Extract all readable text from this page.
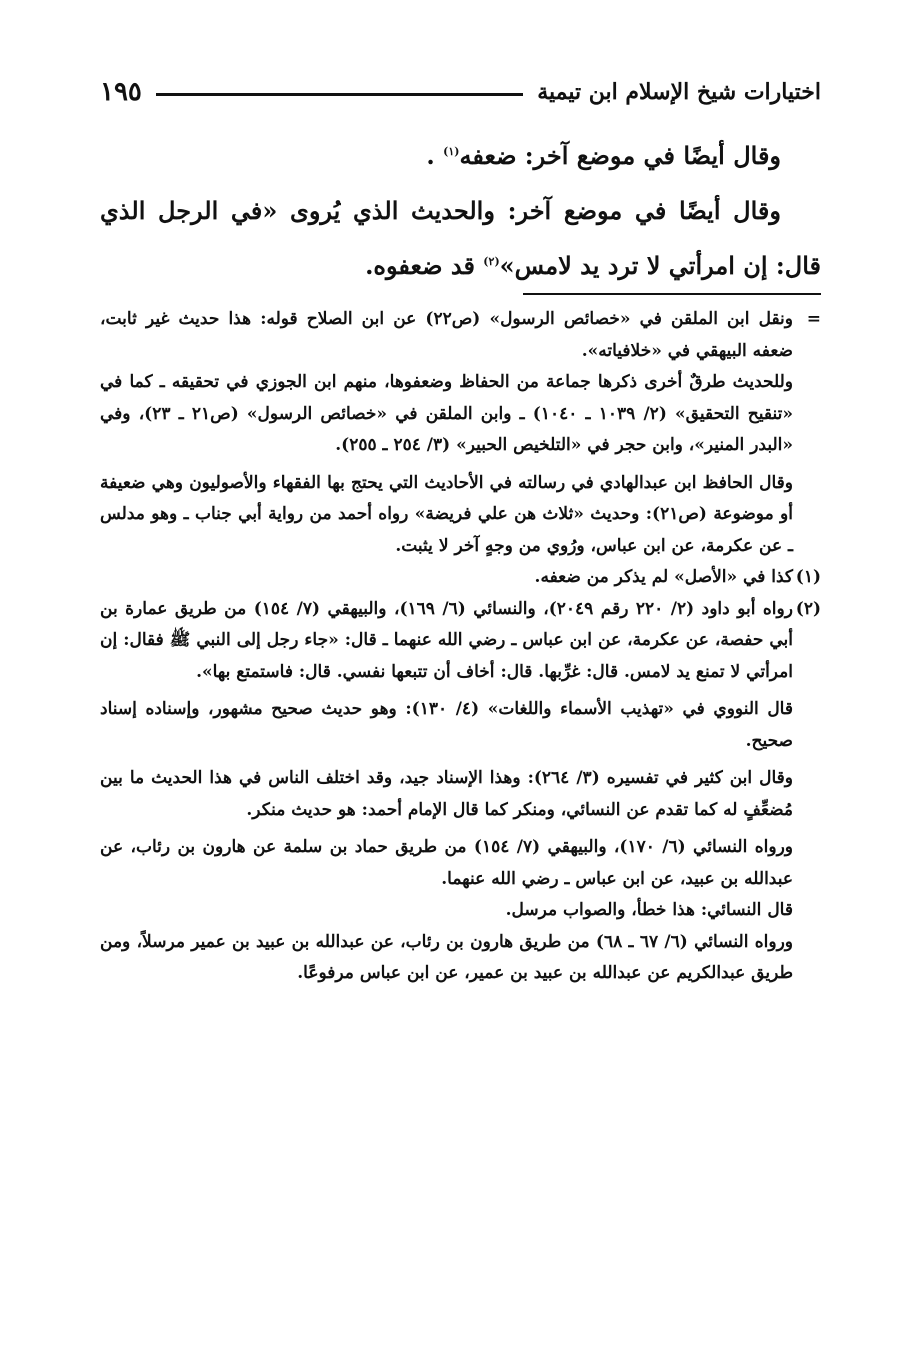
اختيارات شيخ الإسلام ابن تيمية
١٩٥

وقال أيضًا في موضع آخر: ضعفه$^{(١)}$ .

وقال أيضًا في موضع آخر: والحديث الذي يُروى «في الرجل الذي قال: إن امرأتي لا ترد يد لامس»$^{(٢)}$ قد ضعفوه.

=
ونقل ابن الملقن في «خصائص الرسول» (ص٢٢) عن ابن الصلاح قوله: هذا حديث غير ثابت، ضعفه البيهقي في «خلافياته».

وللحديث طرقٌ أخرى ذكرها جماعة من الحفاظ وضعفوها، منهم ابن الجوزي في تحقيقه ـ كما في «تنقيح التحقيق» (٢/ ١٠٣٩ ـ ١٠٤٠) ـ وابن الملقن في «خصائص الرسول» (ص٢١ ـ ٢٣)، وفي «البدر المنير»، وابن حجر في «التلخيص الحبير» (٣/ ٢٥٤ ـ ٢٥٥).

وقال الحافظ ابن عبدالهادي في رسالته في الأحاديث التي يحتج بها الفقهاء والأصوليون وهي ضعيفة أو موضوعة (ص٢١): وحديث «ثلاث هن علي فريضة» رواه أحمد من رواية أبي جناب ـ وهو مدلس ـ عن عكرمة، عن ابن عباس، ورُوي من وجهٍ آخر لا يثبت.

(١)
كذا في «الأصل» لم يذكر من ضعفه.

(٢)
رواه أبو داود (٢/ ٢٢٠ رقم ٢٠٤٩)، والنسائي (٦/ ١٦٩)، والبيهقي (٧/ ١٥٤) من طريق عمارة بن أبي حفصة، عن عكرمة، عن ابن عباس ـ رضي الله عنهما ـ قال: «جاء رجل إلى النبي ﷺ فقال: إن امرأتي لا تمنع يد لامس. قال: غرِّبها. قال: أخاف أن تتبعها نفسي. قال: فاستمتع بها».

قال النووي في «تهذيب الأسماء واللغات» (٤/ ١٣٠): وهو حديث صحيح مشهور، وإسناده إسناد صحيح.

وقال ابن كثير في تفسيره (٣/ ٢٦٤): وهذا الإسناد جيد، وقد اختلف الناس في هذا الحديث ما بين مُضعِّفٍ له كما تقدم عن النسائي، ومنكر كما قال الإمام أحمد: هو حديث منكر.

ورواه النسائي (٦/ ١٧٠)، والبيهقي (٧/ ١٥٤) من طريق حماد بن سلمة عن هارون بن رئاب، عن عبدالله بن عبيد، عن ابن عباس ـ رضي الله عنهما.

قال النسائي: هذا خطأ، والصواب مرسل.

ورواه النسائي (٦/ ٦٧ ـ ٦٨) من طريق هارون بن رئاب، عن عبدالله بن عبيد بن عمير مرسلاً، ومن طريق عبدالكريم عن عبدالله بن عبيد بن عمير، عن ابن عباس مرفوعًا.
